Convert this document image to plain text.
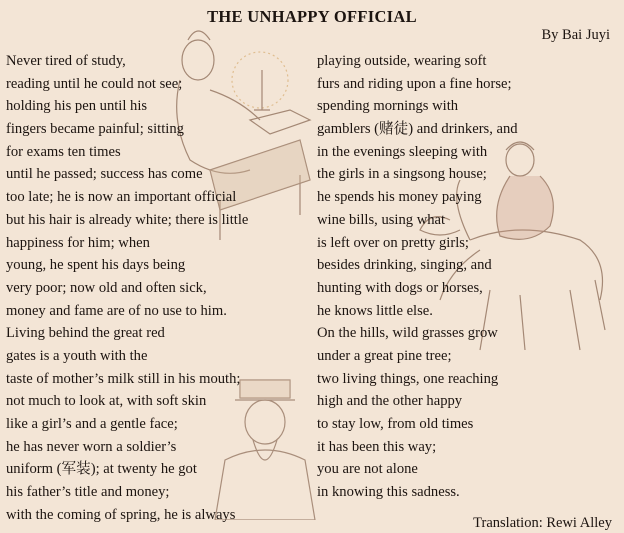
THE UNHAPPY OFFICIAL
By Bai Juyi
Never tired of study,
reading until he could not see;
holding his pen until his
fingers became painful; sitting
for exams ten times
until he passed; success has come
too late; he is now an important official
but his hair is already white; there is little
happiness for him; when
young, he spent his days being
very poor; now old and often sick,
money and fame are of no use to him.
Living behind the great red
gates is a youth with the
taste of mother’s milk still in his mouth;
not much to look at, with soft skin
like a girl’s and a gentle face;
he has never worn a soldier’s
uniform (军装); at twenty he got
his father’s title and money;
with the coming of spring, he is always
playing outside, wearing soft
furs and riding upon a fine horse;
spending mornings with
gamblers (赌徒) and drinkers, and
in the evenings sleeping with
the girls in a singsong house;
he spends his money paying
wine bills, using what
is left over on pretty girls;
besides drinking, singing, and
hunting with dogs or horses,
he knows little else.
On the hills, wild grasses grow
under a great pine tree;
two living things, one reaching
high and the other happy
to stay low, from old times
it has been this way;
you are not alone
in knowing this sadness.
Translation: Rewi Alley
